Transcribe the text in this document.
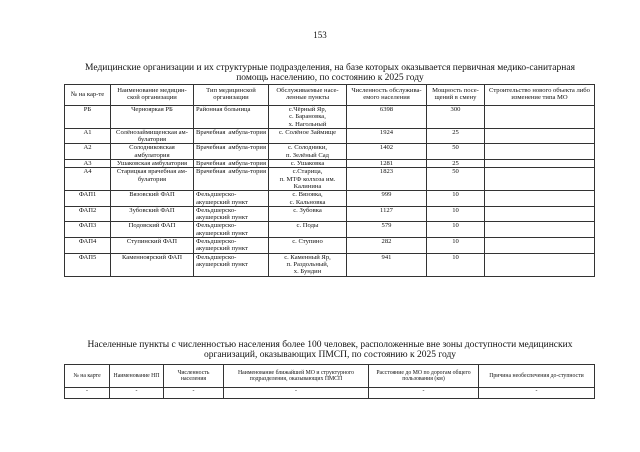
153
Медицинские организации и их структурные подразделения, на базе которых оказывается первичная медико-санитарная
помощь населению, по состоянию к 2025 году
№ на кар-те	Наименование медицин-ской организации	Тип медицинской организации	Обслуживаемые насе-ленные пункты	Численность обслужива-емого населения	Мощность посе-щений в смену	Строительство нового объекта либо изменение типа МО
РБ	Чернояркая РБ	Районная больница	с.Чёрный Яр,
с. Барановка,
х. Нагольный	6398	300	
А1	Солёнозаймищенская ам-булатория	Врачебная амбула-тория	с. Солёное Займище	1924	25	
А2	Солодниковская амбулатория	Врачебная амбула-тория	с. Солодники,
п. Зелёный Сад	1402	50	
А3	Ушаковская амбулатория	Врачебная амбула-тория	с. Ушаковка	1281	25	
А4	Старицкая врачебная ам-булатория	Врачебная амбула-тория	с.Старица,
п. МТФ колхоза им.
Калинина	1823	50	
ФАП1	Вязовский ФАП	Фельдшерско-акушерский пункт	с. Вязовка,
с. Кальновка	999	10	
ФАП2	Зубовский ФАП	Фельдшерско-акушерский пункт	с. Зубовка	1127	10	
ФАП3	Подовский ФАП	Фельдшерско-акушерский пункт	с. Поды	579	10	
ФАП4	Ступинский ФАП	Фельдшерско-акушерский пункт	с. Ступино	282	10	
ФАП5	Каменноярский ФАП	Фельдшерско-акушерский пункт	с. Каменный Яр,
п. Раздольный,
х. Бундин	941	10	
Населенные пункты с численностью населения более 100 человек, расположенные вне зоны доступности медицинских
организаций, оказывающих ПМСП, по состоянию к 2025 году
№ на карте	Наименование НП	Численность населения	Наименование ближайшей МО и структурного подразделения, оказывающих ПМСП	Расстояние до МО по дорогам общего пользования (км)	Причина необеспечения до-ступности
-	-	-	-	-	-
